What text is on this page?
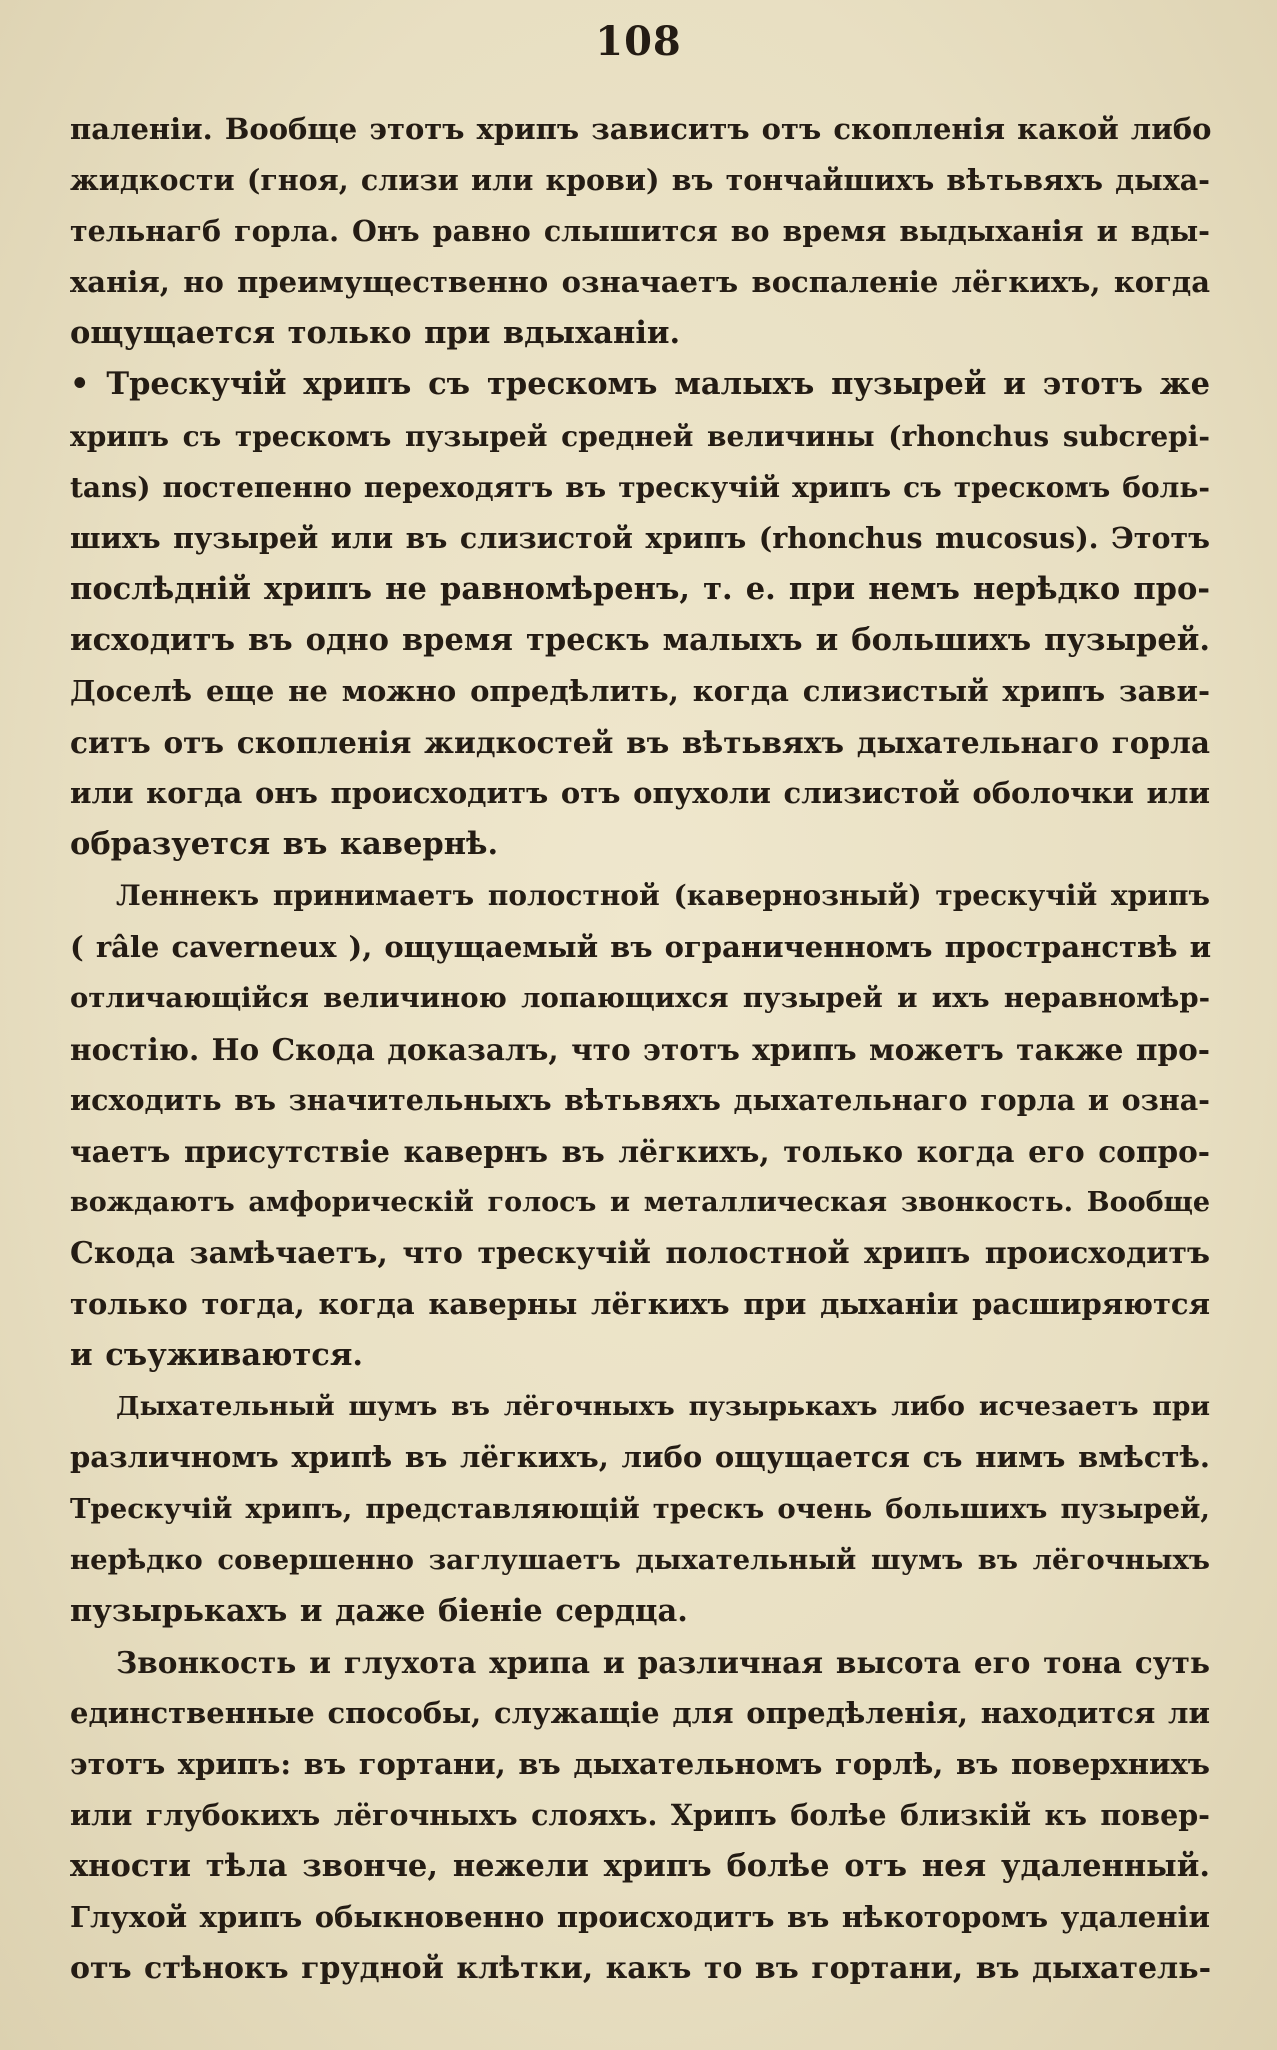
108
паленіи. Вообще этотъ хрипъ зависитъ отъ скопленія какой либо
жидкости (гноя, слизи или крови) въ тончайшихъ вѣтьвяхъ дыха-
тельнагб горла. Онъ равно слышится во время выдыханія и вды-
ханія, но преимущественно означаетъ воспаленіе лёгкихъ, когда
ощущается только при вдыханіи.
• Трескучій хрипъ съ трескомъ малыхъ пузырей и этотъ же
хрипъ съ трескомъ пузырей средней величины (rhonchus subcrepi-
tans) постепенно переходятъ въ трескучій хрипъ съ трескомъ боль-
шихъ пузырей или въ слизистой хрипъ (rhonchus mucosus). Этотъ
послѣдній хрипъ не равномѣренъ, т. е. при немъ нерѣдко про-
исходитъ въ одно время трескъ малыхъ и большихъ пузырей.
Доселѣ еще не можно опредѣлить, когда слизистый хрипъ зави-
ситъ отъ скопленія жидкостей въ вѣтьвяхъ дыхательнаго горла
или когда онъ происходитъ отъ опухоли слизистой оболочки или
образуется въ кавернѣ.
Леннекъ принимаетъ полостной (кавернозный) трескучій хрипъ
( râle caverneux ), ощущаемый въ ограниченномъ пространствѣ и
отличающійся величиною лопающихся пузырей и ихъ неравномѣр-
ностію. Но Скода доказалъ, что этотъ хрипъ можетъ также про-
исходить въ значительныхъ вѣтьвяхъ дыхательнаго горла и озна-
чаетъ присутствіе кавернъ въ лёгкихъ, только когда его сопро-
вождаютъ амфорическій голосъ и металлическая звонкость. Вообще
Скода замѣчаетъ, что трескучій полостной хрипъ происходитъ
только тогда, когда каверны лёгкихъ при дыханіи расширяются
и съуживаются.
Дыхательный шумъ въ лёгочныхъ пузырькахъ либо исчезаетъ при
различномъ хрипѣ въ лёгкихъ, либо ощущается съ нимъ вмѣстѣ.
Трескучій хрипъ, представляющій трескъ очень большихъ пузырей,
нерѣдко совершенно заглушаетъ дыхательный шумъ въ лёгочныхъ
пузырькахъ и даже біеніе сердца.
Звонкость и глухота хрипа и различная высота его тона суть
единственные способы, служащіе для опредѣленія, находится ли
этотъ хрипъ: въ гортани, въ дыхательномъ горлѣ, въ поверхнихъ
или глубокихъ лёгочныхъ слояхъ. Хрипъ болѣе близкій къ повер-
хности тѣла звонче, нежели хрипъ болѣе отъ нея удаленный.
Глухой хрипъ обыкновенно происходитъ въ нѣкоторомъ удаленіи
отъ стѣнокъ грудной клѣтки, какъ то въ гортани, въ дыхатель-
